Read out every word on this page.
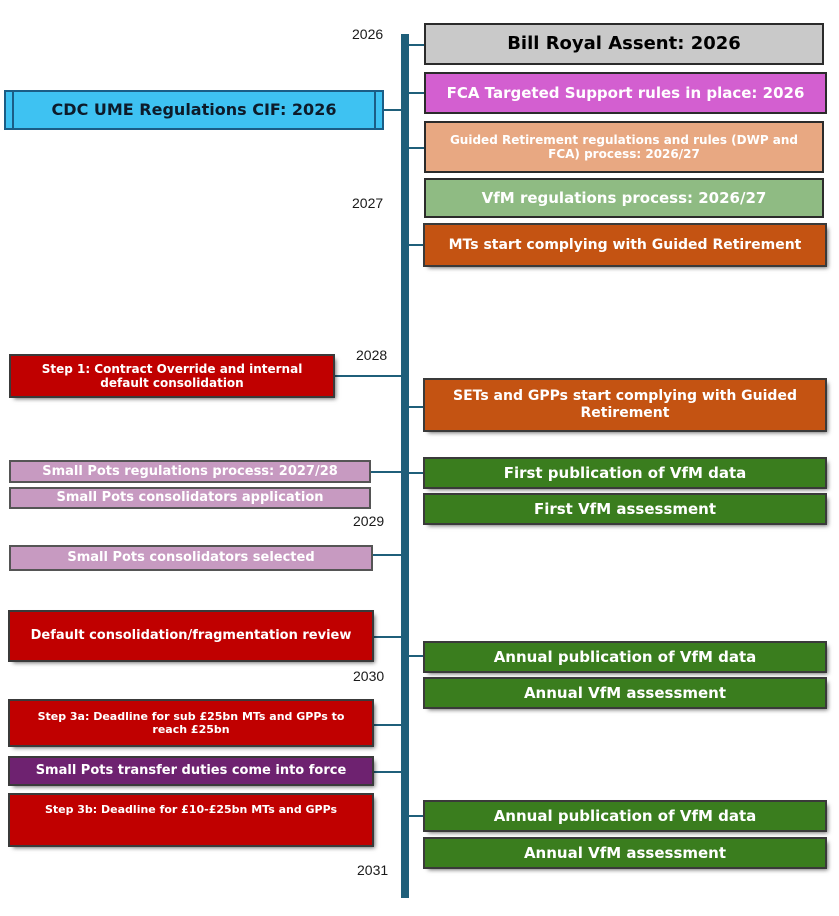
2026
2027
2028
2029
2030
2031
Bill Royal Assent: 2026
FCA Targeted Support rules in place: 2026
Guided Retirement regulations and rules (DWP and FCA) process: 2026/27
VfM regulations process: 2026/27
MTs start complying with Guided Retirement
SETs and GPPs start complying with Guided Retirement
First publication of VfM data
First VfM assessment
Annual publication of VfM data
Annual VfM assessment
Annual publication of VfM data
Annual VfM assessment
CDC UME Regulations CIF: 2026
Step 1: Contract Override and internal default consolidation
Small Pots regulations process: 2027/28
Small Pots consolidators application
Small Pots consolidators selected
Default consolidation/fragmentation review
Step 3a: Deadline for sub £25bn MTs and GPPs to reach £25bn
Small Pots transfer duties come into force
Step 3b: Deadline for £10-£25bn MTs and GPPs
